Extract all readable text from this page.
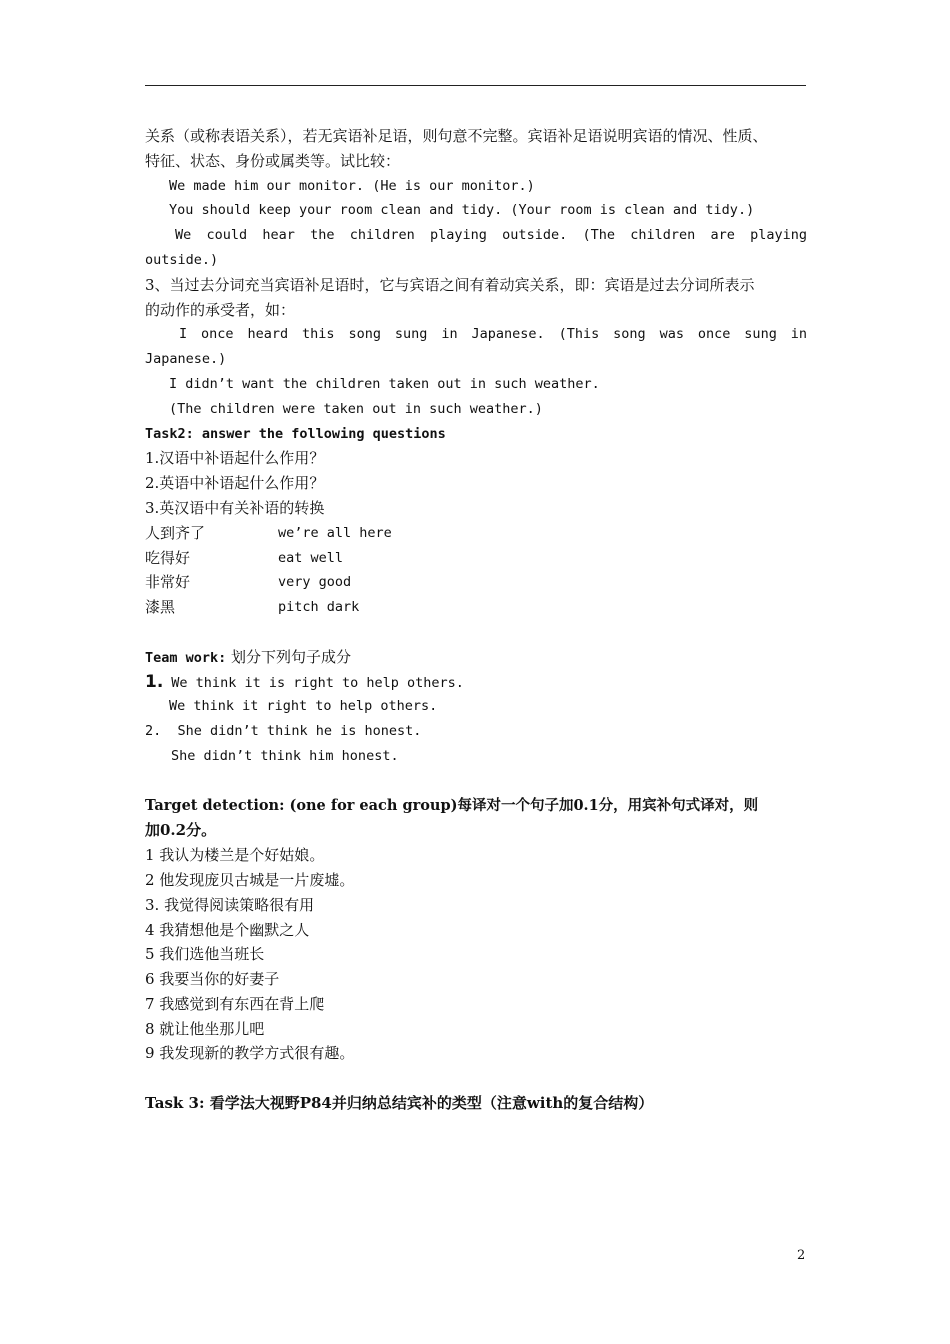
关系（或称表语关系），若无宾语补足语，则句意不完整。宾语补足语说明宾语的情况、性质、
特征、状态、身份或属类等。试比较：
We made him our monitor. (He is our monitor.)
You should keep your room clean and tidy. (Your room is clean and tidy.)
We could hear the children playing outside. (The children are playing
outside.)
3、当过去分词充当宾语补足语时，它与宾语之间有着动宾关系，即：宾语是过去分词所表示
的动作的承受者，如：
I once heard this song sung in Japanese. (This song was once sung in
Japanese.)
I didn’t want the children taken out in such weather.
(The children were taken out in such weather.)
Task2: answer the following questions
1.汉语中补语起什么作用？
2.英语中补语起什么作用？
3.英汉语中有关补语的转换
人到齐了	we’re all here
吃得好	eat well
非常好	very good
漆黑	pitch dark
Team work: 划分下列句子成分
1. We think it is right to help others.
We think it right to help others.
2. She didn’t think he is honest.
She didn’t think him honest.
Target detection: (one for each group)每译对一个句子加0.1分，用宾补句式译对，则
加0.2分。
1 我认为楼兰是个好姑娘。
2 他发现庞贝古城是一片废墟。
3. 我觉得阅读策略很有用
4 我猜想他是个幽默之人
5 我们选他当班长
6 我要当你的好妻子
7 我感觉到有东西在背上爬
8 就让他坐那儿吧
9 我发现新的教学方式很有趣。
Task 3: 看学法大视野P84并归纳总结宾补的类型（注意with的复合结构）
2
